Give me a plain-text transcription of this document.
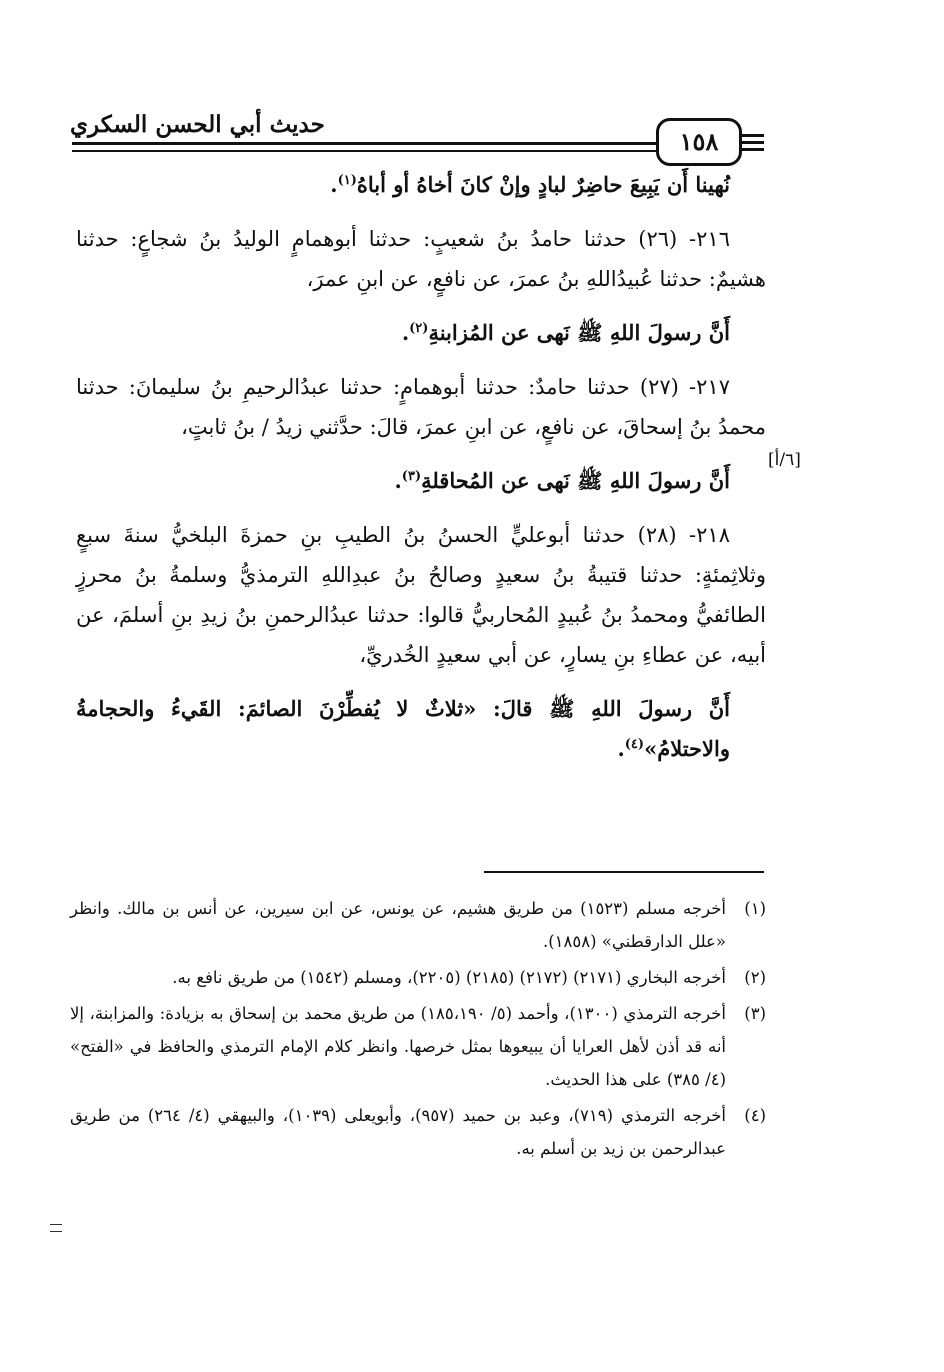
حديث أبي الحسن السكري
١٥٨

نُهينا أَن يَبِيعَ حاضِرٌ لبادٍ وإنْ كانَ أخاهُ أو أباهُ$^{(١)}$.

٢١٦- (٢٦) حدثنا حامدُ بنُ شعيبٍ: حدثنا أبوهمامٍ الوليدُ بنُ شجاعٍ: حدثنا هشيمٌ: حدثنا عُبيدُاللهِ بنُ عمرَ، عن نافعٍ، عن ابنِ عمرَ،

أَنَّ رسولَ اللهِ ﷺ نَهى عن المُزابنةِ$^{(٢)}$.

٢١٧- (٢٧) حدثنا حامدٌ: حدثنا أبوهمامٍ: حدثنا عبدُالرحيمِ بنُ سليمانَ: حدثنا محمدُ بنُ إسحاقَ، عن نافعٍ، عن ابنِ عمرَ، قالَ: حدَّثني زيدُ / بنُ ثابتٍ،

أَنَّ رسولَ اللهِ ﷺ نَهى عن المُحاقلةِ$^{(٣)}$.

٢١٨- (٢٨) حدثنا أبوعليٍّ الحسنُ بنُ الطيبِ بنِ حمزةَ البلخيُّ سنةَ سبعٍ وثلاثِمئةٍ: حدثنا قتيبةُ بنُ سعيدٍ وصالحُ بنُ عبدِاللهِ الترمذيُّ وسلمةُ بنُ محرزٍ الطائفيُّ ومحمدُ بنُ عُبيدٍ المُحاربيُّ قالوا: حدثنا عبدُالرحمنِ بنُ زيدِ بنِ أسلمَ، عن أبيه، عن عطاءِ بنِ يسارٍ، عن أبي سعيدٍ الخُدريِّ،

أَنَّ رسولَ اللهِ ﷺ قالَ: «ثلاثٌ لا يُفطِّرْنَ الصائمَ: القَيءُ والحجامةُ والاحتلامُ»$^{(٤)}$.

[٦/أ]
(١)
أخرجه مسلم (١٥٢٣) من طريق هشيم، عن يونس، عن ابن سيرين، عن أنس بن مالك. وانظر «علل الدارقطني» (١٨٥٨).
(٢)
أخرجه البخاري (٢١٧١) (٢١٧٢) (٢١٨٥) (٢٢٠٥)، ومسلم (١٥٤٢) من طريق نافع به.
(٣)
أخرجه الترمذي (١٣٠٠)، وأحمد (٥/ ١٨٥،١٩٠) من طريق محمد بن إسحاق به بزيادة: والمزابنة، إلا أنه قد أذن لأهل العرايا أن يبيعوها بمثل خرصها. وانظر كلام الإمام الترمذي والحافظ في «الفتح» (٤/ ٣٨٥) على هذا الحديث.
(٤)
أخرجه الترمذي (٧١٩)، وعبد بن حميد (٩٥٧)، وأبويعلى (١٠٣٩)، والبيهقي (٤/ ٢٦٤) من طريق عبدالرحمن بن زيد بن أسلم به.
